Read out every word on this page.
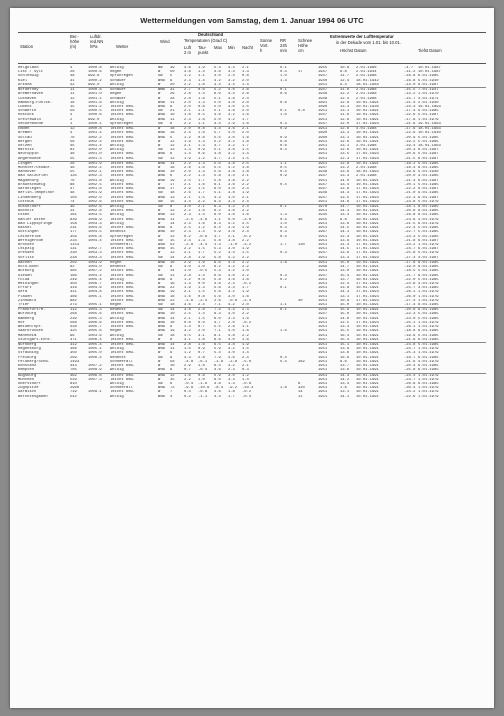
Wettermeldungen vom Samstag, dem 1. Januar 1994 06 UTC
Station
Ber.-
höhe
(m)
Luftdr.
red.NN
hPa	Wetter
Wind
Deutschland
Temperaturen (Grad C)
Luft
2 m
Tau-
punkt
Max Min Nacht
Sonne
Vort.
h
RR
24h
mm
Schnee
Höhe
cm
Extremwerte der Lufttemperatur
in der Dekade vom 1.01. bis 10.01.
Höchst Datum	Tiefst Datum
Helgoland	4	1000.8 wolkig	NW 39 4.6 1.9 5.3 4.4 2.1	0.1	1955	10.8 2.01.1966	-4.7 10.01.1987
List / Sylt	26	1000.6 Regen	W	50 3.8 1.4 4.6 3.4 1.3	0.4	17	1947	8.8 2.01.1944	-11.2 10.01.1987
Schleswig	48	999.8	Sprühregen	SW 5	1.2 1.1 4.0 2.4 0.8	1.0	1947	11.7 2.01.1988	-18.8 6.01.1985
Kiel	31	1000.2 Schauer	WSW 9	2.3 1.4 4.2 3.2 2.0	1.3	1940	12.4 18.01.1942	-16.8 5.01.1940
Arkona	42	999.0	wolkig	W	20 2.2 1.8 3.4 3.4 1.4	1951	9.4 18.01.1984	-14.0 6.01.1987
Norderney	11	1000.8 Schauer	WNW 31 2.7 0.0 5.2 4.6 2.8	0.1	1947	11.6 2.01.1988	-15.5 7.01.1947
Bremerhaven	11	1001.0 Regen	W	26 2.8 1.4 6.0 4.4 2.6	0.6	1949	12.2 2.01.1988	-14.2 1.01.1970
Cuxhaven	12	1001.1 Schauer	W	28 2.8 1.6 5.1 3.8 2.4	1948	12.4 2.01.1988	-15.7 4.01.1971
Hamburg-Fuhlsb.	16	1001.8 wolkig	WSW 11 2.0 1.3 5.0 3.0 2.0	0.6	1891	12.8 10.01.1991	-21.4 2.01.1940
Lübeck	15	1001.2 leicht bew.	WSW 9	2.0 0.8 5.0 3.0 1.5	1890	13.3 20.01.1930	-24.3 16.01.1893
Schwerin	59	1000.5 leicht bew.	SW 21 2.1 1.1 5.1 3.8 2.0	0.1	0.8	1951	13.1 10.01.1991	-17.4 9.01.1985
Rostock	4	1000.6 leicht bew.	WSW 10 1.6 0.5 4.6 3.2 1.6	1.0	1947	11.6 10.01.1991	-22.6 5.01.1987
Greifswald	2	999.0	wolkig	WSW 11 2.3 1.6 5.0 4.2 1.7	1951	12.9 10.01.1991	-17.8 1.01.1979
Ueckermünde	1	1000.1 Sprühregen	SW 6	2.2 1.1 3.4 2.9 1.6	0.3	1947	12.0 17.01.1993	-21.9 19.01.1963
Emden	12	1000.8 leicht bew.	W	18 2.0 0.8 4.4 3.6 2.1	0.9	1951	12.6 4.01.1988	-17.6 18.01.1963
Bremen	4	1001.4 leicht bew.	WSW 18 2.4 1.6 5.7 4.0 2.0	1890	13.3 10.01.1991	-22.6 10.01.1940
Soltau	76	1002.2 leicht bew.	WSW 5	1.2 0.8 5.5 3.0 1.6	0.9	1960	13.1 10.01.1991	-20.9 5.01.1985
Bergen	56	1002.4 leicht bew.	W	12 1.9 1.3 5.2 3.2 1.8	0.8	1951	12.6 10.01.1991	-19.2 5.01.1985
Uelzen	45	1001.4 wolkig	W	12 2.1 1.3 4.7 3.2 1.7	0.6	1951	13.1 2.01.1988	-19.4 18.01.1963
Marnitz	81	1002.0 wolkig	SW 13 1.3 0.9 5.1 3.8 1.5	0.4	1951	12.6 10.01.1991	-20.3 6.01.1987
Neuruppin	38	1001.0 leicht bew.	WSW 6	1.4 0.6 4.8 3.2 1.4	1951	13.5 17.01.1993	-20.6 5.01.1987
Angermünde	55	1001.3 leicht bew.	SW 11 1.9 1.2 4.7 3.4 1.5	1951	12.3 17.01.1993	-21.5 6.01.1987
Lingen	26	1001.9 leicht bew.	WSW 14 2.2 1.3 5.0 3.8 2.5	1.1	1951	12.8 10.01.1991	-18.2 5.01.1985
Münster/Osnabr.	48	1002.2 leicht bew.	W	18 2.6 1.6 5.5 4.2 1.8	0.5	1947	13.2 2.01.1988	-18.4 8.01.1985
Hannover	55	1002.1 leicht bew.	WSW 10 2.0 1.3 5.6 3.8 1.8	0.4	1938	13.6 18.01.1992	-19.6 5.01.1940
Bad Salzuflen	135	1002.3 leicht bew.	WSW 6	2.2 1.4 5.8 3.4 2.1	0.9	1947	13.3 2.01.1988	-20.0 3.01.1985
Magdeburg	76	1001.8 wolkig	WSW 19 2.5 1.7 5.8 3.8 2.2	1951	14.0 10.01.1991	-21.3 6.01.1987
Braunschweig	88	1002.5 leicht bew.	W	17 2.1 1.6 6.1 3.6 2.2	0.4	1947	13.4 10.01.1991	-20.1 5.01.1985
Gardelegen	47	1001.8 leicht bew.	WSW 17 2.9 1.5 6.0 4.0 2.4	1947	12.8 17.01.1993	-22.2 6.01.1987
Berlin-Tempelhof	48	1001.9 leicht bew.	SW 18 2.6 1.7 5.1 3.8 1.9	1948	14.3 17.01.1993	-21.0 9.01.1985
Lindenberg	104	1002.0 leicht bew.	WSW 13 2.1 1.5 4.3 3.0 2.1	1947	13.5 17.01.1993	-22.3 6.01.1987
Cottbus	74	1002.6 leicht bew.	SW 15 3.4 2.2 6.4 3.4 2.4	1951	14.6 17.01.1993	-23.8 5.01.1979
Düsseldorf	36	1002.6 wolkig	SW 8	3.0 2.1 6.3 4.2 2.4	0.1	1970	14.7 10.01.1991	-18.1 8.01.1985
Bocholt	24	1002.8 leicht bew.	W	12 2.2 1.6 6.2 3.8 2.2	1951	14.3 10.01.1991	-20.6 8.01.1985
Essen	161	1003.5 wolkig	WSW 13 2.3 1.4 6.0 3.6 1.6	1.3	1935	13.4 10.01.1991	-16.8 8.01.1985
Kahler Asten	839	1008.9 leicht bew.	WSW 11 -2.5 -4.6 1.1 0.0 -3.0	0.4	36	1955	9.8 10.01.1991	-23.6 4.01.1979
Bad Lippspringe	158	1003.3 wolkig	W	14 2.3 1.6 6.3 4.2 2.5	1.0	1951	13.6 10.01.1991	-21.5 6.01.1979
Kassel	231	1004.6 leicht bew.	WSW 9	2.5 1.2 6.4 3.9 1.9	0.3	1951	14.5 10.01.1991	-22.4 5.01.1985
Göttingen	177	1004.5 bedeckt	WSW 10 2.3 1.4 5.9 3.6 2.4	0.3	1967	14.1 10.01.1991	-22.7 5.01.1985
Leinefelde	356	1005.8 Sprühregen	W	12 0.2 -0.9 4.7 2.1 -0.2	0.4	1951	12.3 10.01.1991	-24.3 5.01.1985
Wernigerode	234	1004.4 leicht bew.	SW 15 2.4 1.3 5.8 3.8 2.2	1951	13.9 10.01.1991	-21.8 6.01.1987
Brocken	1153	Schneefall	WSW 52 -2.8 -4.4 1.3 -1.0 -3.2	1.7	130	1951	11.3 17.01.1993	-23.2 1.01.1979
Leipzig	131	1002.7 leicht bew.	WSW 15 2.2 1.5 5.3 3.0 1.9	1951	14.5 17.01.1993	-24.7 6.01.1987
Dresden	230	1003.3 leicht bew.	W	13 2.1 1.7 5.2 3.4 1.5	0.3	1947	13.6 17.01.1993	-25.8 5.01.1979
Görlitz	238	1003.3 leicht bew.	SW 14 2.8 1.9 5.8 4.2 2.2	1951	13.3 17.01.1993	-27.3 4.01.1987
Aachen	202	1003.9 Regen	WSW 16 2.9 1.6 6.6 4.4 2.2	1.8	1951	15.0 10.01.1991	-17.6 8.01.1985
Köln-Bonn	92	1004.0 bedeckt	SW 9	3.0 2.0 6.2 4.2 2.2	1988	14.7 10.01.1991	-19.0 8.01.1985
Nürburg	485	1007.2 leicht bew.	W	14 1.0 -0.5 5.4 3.2 1.0	1951	13.0 10.01.1991	-18.5 5.01.1985
Gießen	186	1004.4 leicht bew.	SW 11 2.8 1.4 6.6 4.0 2.2	0.3	1947	15.4 10.01.1991	-21.7 6.01.1985
Fulda	249	1005.4 wolkig	WSW 9	1.2 0.6 5.8 3.6 1.8	0.2	1951	13.7 10.01.1991	-22.0 5.01.1985
Meiningen	450	1006.7 leicht bew.	W	16 1.3 0.0 4.8 2.4 -0.2	1951	12.4 17.01.1993	-24.8 4.01.1979
Erfurt	316	1004.6 leicht bew.	WSW 22 1.9 1.3 5.6 3.4 1.7	0.1	1951	13.8 10.01.1991	-25.7 3.01.1985
Gera	311	1004.8 leicht bew.	WSW 19 2.1 1.5 5.6 3.2 1.9	1951	14.3 17.01.1993	-26.1 1.01.1979
Plauen	386	1005.1 leicht bew.	WSW 16 1.6 0.8 5.6 3.0 1.6	1951	13.1 17.01.1993	-26.0 1.01.1979
Zinnwald	882	leicht bew.	WSW 22 -1.6 -2.4 2.6 -0.8 -2.4	30	1951	10.8 17.01.1993	-27.4 1.01.1979
Trier	273	1005.1 Regen	SW 18 3.6 2.4 7.1 4.2 2.0	1.1	1951	15.0 10.01.1991	-17.4 8.01.1985
Frankfurt/M.	112	1004.3 bedeckt	SW 14 3.8 2.8 7.4 4.4 2.3	0.1	1949	15.9 10.01.1991	-20.8 6.01.1985
Würzburg	268	1005.6 leicht bew.	WSW 10 2.5 1.4 6.3 4.0 2.2	1947	15.0 10.01.1991	-22.3 5.01.1985
Bamberg	239	1005.3 wolkig	WSW 14 2.1 1.5 6.0 3.4 1.6	1951	14.6 10.01.1991	-23.0 5.01.1985
Hof	568	1006.6 leicht bew.	WSW 16 0.8 0.0 4.7 2.0 -0.2	1951	12.5 17.01.1993	-25.1 1.01.1979
Weiden/Opf.	438	1005.7 leicht bew.	WSW 9	1.4 0.7 5.5 2.8 1.1	1951	13.3 10.01.1991	-26.1 1.01.1979
Saarbrücken	325	1005.8 Regen	WSW 19 3.2 2.0 7.1 4.0 1.8	1.6	1951	15.5 10.01.1991	-18.8 6.01.1985
Mannheim	96	1003.6 wolkig	SW 18 4.5 3.1 8.1 4.8 2.2	1951	16.4 10.01.1991	-19.6 5.01.1985
Stuttgart-Echt.	371	1006.4 leicht bew.	W	8	3.1 1.6 6.6 4.0 1.6	1947	15.4 10.01.1991	-21.9 6.01.1985
Nürnberg	312	1005.4 leicht bew.	WSW 14 2.8 1.6 6.5 3.8 1.9	1951	15.1 10.01.1991	-23.8 5.01.1985
Regensburg	366	1005.1 wolkig	WSW 11 1.5 0.9 5.9 3.2 1.5	1951	13.9 10.01.1991	-24.7 1.01.1979
Straubing	350	1005.0 leicht bew.	W	9	1.2 0.7 5.4 3.0 1.4	1951	13.6 10.01.1991	-25.3 1.01.1979
Freiburg	269	1006.4 bedeckt	SW 9	4.3 2.8 7.9 4.6 2.4	0.4	1951	16.6 10.01.1991	-18.7 6.01.1985
Feldberg/Schw.	1493	Schneefall	W	58 -4.8 -6.1 -1.8 -2.8 -5.0	5.4	182	1951	8.6 10.01.1991	-21.6 4.01.1979
Konstanz	443	1007.2 leicht bew.	W	10 2.9 1.8 6.4 3.2 2.1	1951	13.7 10.01.1991	-20.4 6.01.1985
Kempten	705	1008.9 wolkig	WSW 9	0.7 -0.4 4.6 2.3 0.3	1951	13.6 10.01.1991	-25.8 6.01.1985
Augsburg	462	1006.6 leicht bew.	WSW 12 1.6 0.8 5.9 3.0 1.2	1951	14.3 10.01.1991	-24.4 1.01.1979
München	529	1007.3 leicht bew.	W	15 2.2 1.0 6.0 3.3 1.4	1951	14.2 10.01.1991	-23.7 1.01.1979
Oberstdorf	810	wolkig	SW 6	-0.4 -1.9 3.8 1.3 -0.8	8	1951	13.4 10.01.1991	-26.8 6.01.1985
Zugspitze	2960	Schneefall	WSW 72 -9.8 -10.6 -8.4 -9.2 -10.3	1.8	320	1951	1.6 10.01.1991	-30.4 1.01.1979
Garmisch	719	1008.1 leicht bew.	W	7	0.4 -0.8 4.6 1.8 -0.2	14	1951	13.1 10.01.1991	-24.2 1.01.1979
Berchtesgaden	542	wolkig	WSW 4	0.2 -1.1 4.4 1.7 -0.4	11	1951	14.1 10.01.1991	-22.6 1.01.1979
